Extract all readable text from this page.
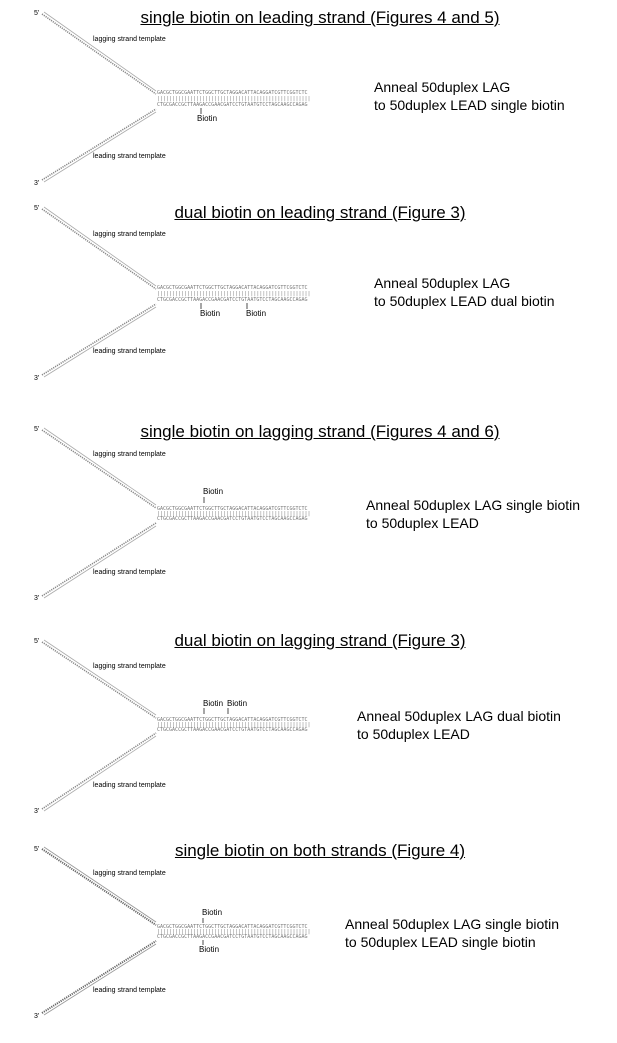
single biotin on leading strand (Figures 4 and 5)
5'
lagging strand template
leading strand template
3'
GACGCTGGCGAATTCTGGCTTGCTAGGACATTACAGGATCGTTCGGTCTC
|||||||||||||||||||||||||||||||||||||||||||||||||||
CTGCGACCGCTTAAGACCGAACGATCCTGTAATGTCCTAGCAAGCCAGAG
Biotin
Anneal 50duplex LAG
to 50duplex LEAD single biotin
dual biotin on leading strand (Figure 3)
5'
lagging strand template
leading strand template
3'
GACGCTGGCGAATTCTGGCTTGCTAGGACATTACAGGATCGTTCGGTCTC
|||||||||||||||||||||||||||||||||||||||||||||||||||
CTGCGACCGCTTAAGACCGAACGATCCTGTAATGTCCTAGCAAGCCAGAG
Biotin	Biotin
Anneal 50duplex LAG
to 50duplex LEAD dual biotin
single biotin on lagging strand (Figures 4 and 6)
5'
lagging strand template
Biotin
leading strand template
3'
GACGCTGGCGAATTCTGGCTTGCTAGGACATTACAGGATCGTTCGGTCTC
|||||||||||||||||||||||||||||||||||||||||||||||||||
CTGCGACCGCTTAAGACCGAACGATCCTGTAATGTCCTAGCAAGCCAGAG
Anneal 50duplex LAG single biotin
to 50duplex LEAD
dual biotin on lagging strand (Figure 3)
5'
lagging strand template
Biotin Biotin
leading strand template
3'
GACGCTGGCGAATTCTGGCTTGCTAGGACATTACAGGATCGTTCGGTCTC
|||||||||||||||||||||||||||||||||||||||||||||||||||
CTGCGACCGCTTAAGACCGAACGATCCTGTAATGTCCTAGCAAGCCAGAG
Anneal 50duplex LAG dual biotin
to 50duplex LEAD
single biotin on both strands (Figure 4)
5'
lagging strand template
Biotin
leading strand template
3'
GACGCTGGCGAATTCTGGCTTGCTAGGACATTACAGGATCGTTCGGTCTC
|||||||||||||||||||||||||||||||||||||||||||||||||||
CTGCGACCGCTTAAGACCGAACGATCCTGTAATGTCCTAGCAAGCCAGAG
Biotin
Anneal 50duplex LAG single biotin
to 50duplex LEAD single biotin
